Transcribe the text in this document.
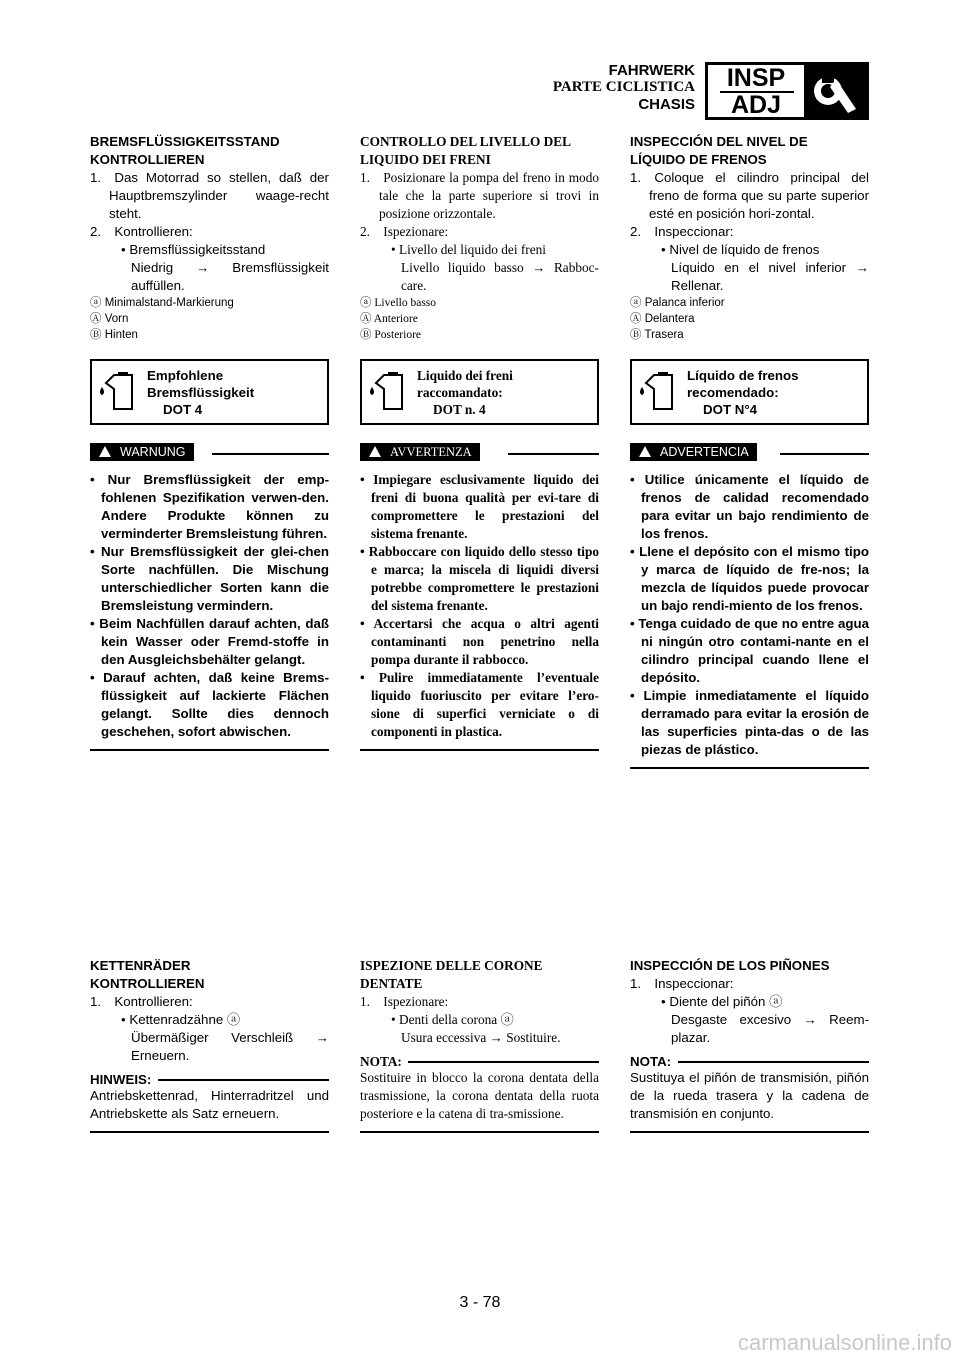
FAHRWERK
PARTE CICLISTICA
CHASIS
INSP
ADJ

BREMSFLÜSSIGKEITSSTAND
KONTROLLIEREN

1. Das Motorrad so stellen, daß der Hauptbremszylinder waage-recht steht.

2. Kontrollieren:

• Bremsflüssigkeitsstand

Niedrig → Bremsflüssigkeit auffüllen.

ⓐ Minimalstand-Markierung

Ⓐ Vorn

Ⓑ Hinten

Empfohlene
Bremsflüssigkeit
DOT 4
WARNUNG

• Nur Bremsflüssigkeit der emp-fohlenen Spezifikation verwen-den. Andere Produkte können zu verminderter Bremsleistung führen.

• Nur Bremsflüssigkeit der glei-chen Sorte nachfüllen. Die Mischung unterschiedlicher Sorten kann die Bremsleistung vermindern.

• Beim Nachfüllen darauf achten, daß kein Wasser oder Fremd-stoffe in den Ausgleichsbehälter gelangt.

• Darauf achten, daß keine Brems-flüssigkeit auf lackierte Flächen gelangt. Sollte dies dennoch geschehen, sofort abwischen.

CONTROLLO DEL LIVELLO DEL
LIQUIDO DEI FRENI

1. Posizionare la pompa del freno in modo tale che la parte superiore si trovi in posizione orizzontale.

2. Ispezionare:

• Livello del liquido dei freni

Livello liquido basso → Rabboc-care.

ⓐ Livello basso

Ⓐ Anteriore

Ⓑ Posteriore

Liquido dei freni
raccomandato:
DOT n. 4
AVVERTENZA

• Impiegare esclusivamente liquido dei freni di buona qualità per evi-tare di compromettere le prestazioni del sistema frenante.

• Rabboccare con liquido dello stesso tipo e marca; la miscela di liquidi diversi potrebbe compromettere le prestazioni del sistema frenante.

• Accertarsi che acqua o altri agenti contaminanti non penetrino nella pompa durante il rabbocco.

• Pulire immediatamente l’eventuale liquido fuoriuscito per evitare l’ero-sione di superfici verniciate o di componenti in plastica.

INSPECCIÓN DEL NIVEL DE
LÍQUIDO DE FRENOS

1. Coloque el cilindro principal del freno de forma que su parte superior esté en posición hori-zontal.

2. Inspeccionar:

• Nivel de líquido de frenos

Líquido en el nivel inferior → Rellenar.

ⓐ Palanca inferior

Ⓐ Delantera

Ⓑ Trasera

Líquido de frenos
recomendado:
DOT N°4
ADVERTENCIA

• Utilice únicamente el líquido de frenos de calidad recomendado para evitar un bajo rendimiento de los frenos.

• Llene el depósito con el mismo tipo y marca de líquido de fre-nos; la mezcla de líquidos puede provocar un bajo rendi-miento de los frenos.

• Tenga cuidado de que no entre agua ni ningún otro contami-nante en el cilindro principal cuando llene el depósito.

• Limpie inmediatamente el líquido derramado para evitar la erosión de las superficies pinta-das o de las piezas de plástico.

KETTENRÄDER
KONTROLLIEREN

1. Kontrollieren:

• Kettenradzähne ⓐ

Übermäßiger Verschleiß → Erneuern.

HINWEIS:

Antriebskettenrad, Hinterradritzel und Antriebskette als Satz erneuern.

ISPEZIONE DELLE CORONE
DENTATE

1. Ispezionare:

• Denti della corona ⓐ

Usura eccessiva → Sostituire.

NOTA:

Sostituire in blocco la corona dentata della trasmissione, la corona dentata della ruota posteriore e la catena di tra-smissione.

INSPECCIÓN DE LOS PIÑONES

1. Inspeccionar:

• Diente del piñón ⓐ

Desgaste excesivo → Reem-plazar.

NOTA:

Sustituya el piñón de transmisión, piñón de la rueda trasera y la cadena de transmisión en conjunto.

3 - 78
carmanualsonline.info
